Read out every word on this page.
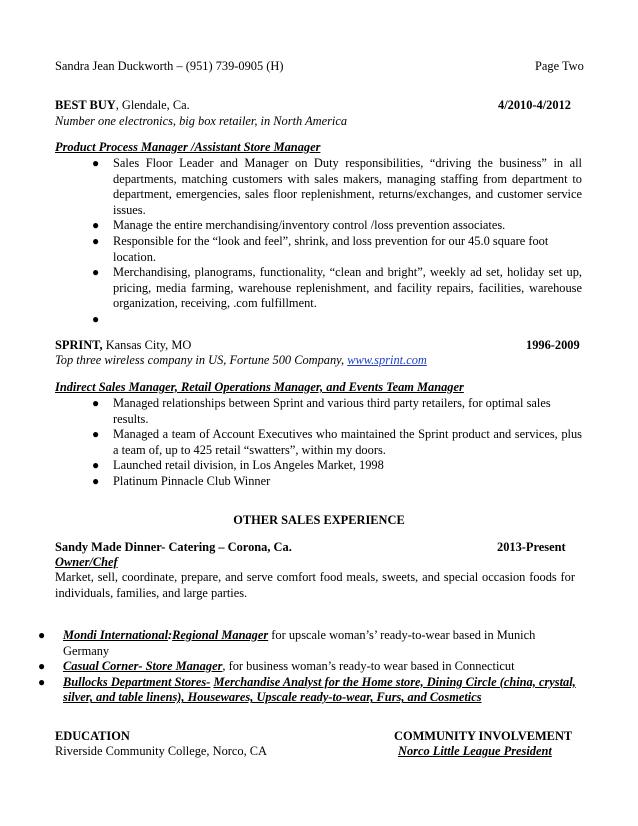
Sandra Jean Duckworth – (951) 739-0905 (H)	Page Two
BEST BUY, Glendale, Ca.	4/2010-4/2012
Number one electronics, big box retailer, in North America
Product Process Manager /Assistant Store Manager
● Sales Floor Leader and Manager on Duty responsibilities, “driving the business” in all departments, matching customers with sales makers, managing staffing from department to department, emergencies, sales floor replenishment, returns/exchanges, and customer service issues.
● Manage the entire merchandising/inventory control /loss prevention associates.
● Responsible for the “look and feel”, shrink, and loss prevention for our 45.0 square foot location.
● Merchandising, planograms, functionality, “clean and bright”, weekly ad set, holiday set up, pricing, media farming, warehouse replenishment, and facility repairs, facilities, warehouse organization, receiving, .com fulfillment.
●
SPRINT, Kansas City, MO	1996-2009
Top three wireless company in US, Fortune 500 Company, www.sprint.com
Indirect Sales Manager, Retail Operations Manager, and Events Team Manager
● Managed relationships between Sprint and various third party retailers, for optimal sales results.
● Managed a team of Account Executives who maintained the Sprint product and services, plus a team of, up to 425 retail “swatters”, within my doors.
● Launched retail division, in Los Angeles Market, 1998
● Platinum Pinnacle Club Winner
OTHER SALES EXPERIENCE
Sandy Made Dinner- Catering – Corona, Ca.	2013-Present
Owner/Chef
Market, sell, coordinate, prepare, and serve comfort food meals, sweets, and special occasion foods for individuals, families, and large parties.
● Mondi International:Regional Manager for upscale woman’s’ ready-to-wear based in Munich Germany
● Casual Corner- Store Manager, for business woman’s ready-to wear based in Connecticut
● Bullocks Department Stores- Merchandise Analyst for the Home store, Dining Circle (china, crystal, silver, and table linens), Housewares, Upscale ready-to-wear, Furs, and Cosmetics
EDUCATION
Riverside Community College, Norco, CA
COMMUNITY INVOLVEMENT
Norco Little League President
